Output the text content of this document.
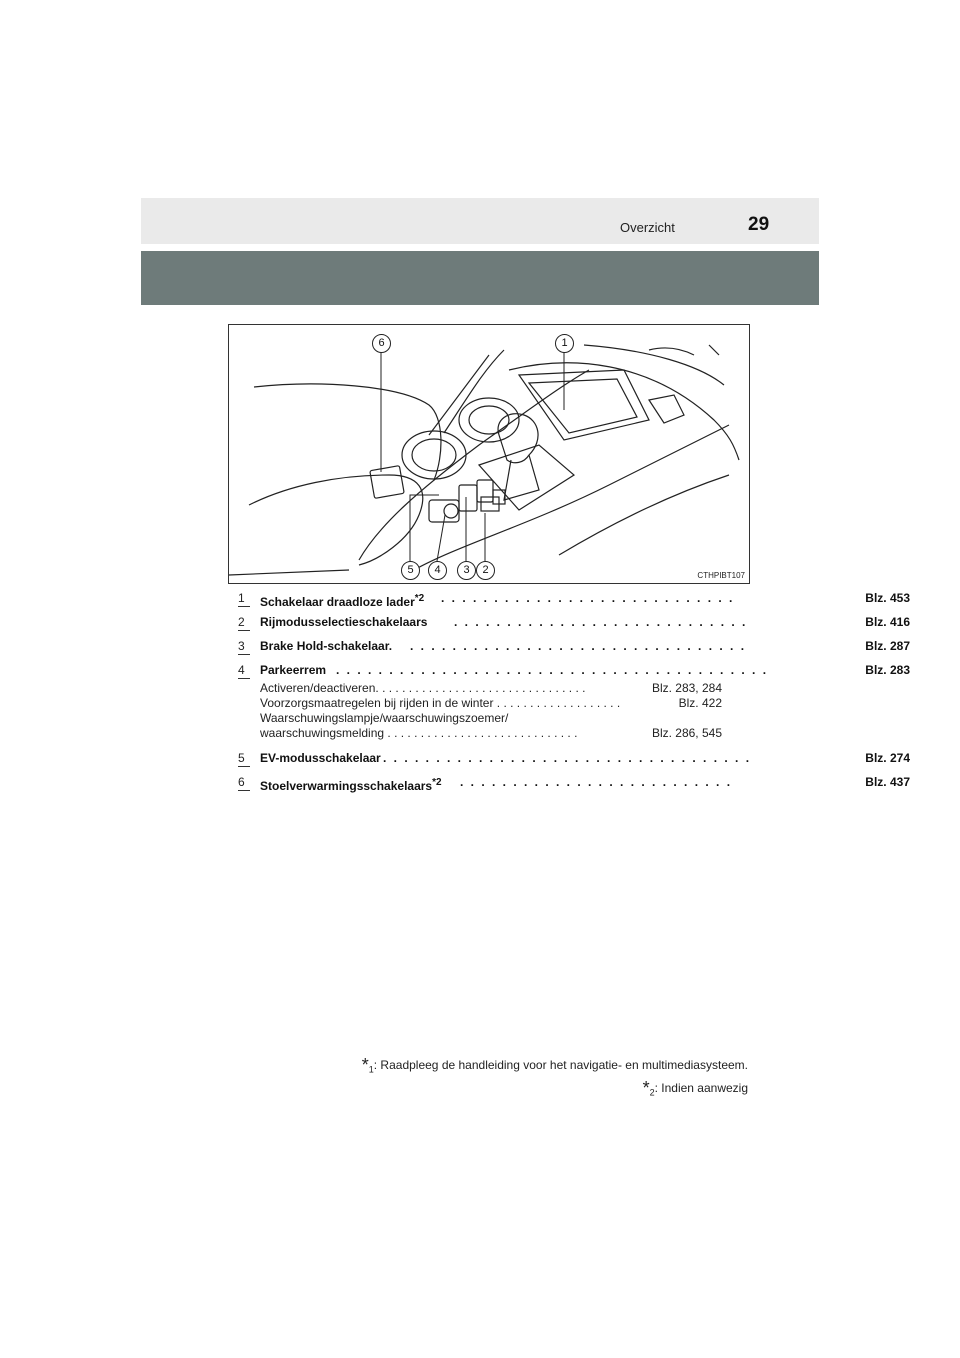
Overzicht	29
6	1
5	4	3	2	CTHPIBT107
1	Schakelaar draadloze lader$^{*2}$ . . . . . . . . . . . . . . . . . . . . . . . . . . . .	Blz. 453
2	Rijmodusselectieschakelaars . . . . . . . . . . . . . . . . . . . . . . . . . . . .	Blz. 416
3	Brake Hold-schakelaar. . . . . . . . . . . . . . . . . . . . . . . . . . . . . . . . .	Blz. 287
4	Parkeerrem . . . . . . . . . . . . . . . . . . . . . . . . . . . . . . . . . . . . . . . . .	Blz. 283
Activeren/deactiveren. . . . . . . . . . . . . . . . . . . . . . . . . . . . . . . .	Blz. 283, 284
Voorzorgsmaatregelen bij rijden in de winter . . . . . . . . . . . . . . . . . . .	Blz. 422
Waarschuwingslampje/waarschuwingszoemer/
waarschuwingsmelding . . . . . . . . . . . . . . . . . . . . . . . . . . . . .	Blz. 286, 545
5	EV-modusschakelaar . . . . . . . . . . . . . . . . . . . . . . . . . . . . . . . . . . .	Blz. 274
6	Stoelverwarmingsschakelaars$^{*2}$ . . . . . . . . . . . . . . . . . . . . . . . . . .	Blz. 437
$*_1$: Raadpleeg de handleiding voor het navigatie- en multimediasysteem.
$*_2$: Indien aanwezig
